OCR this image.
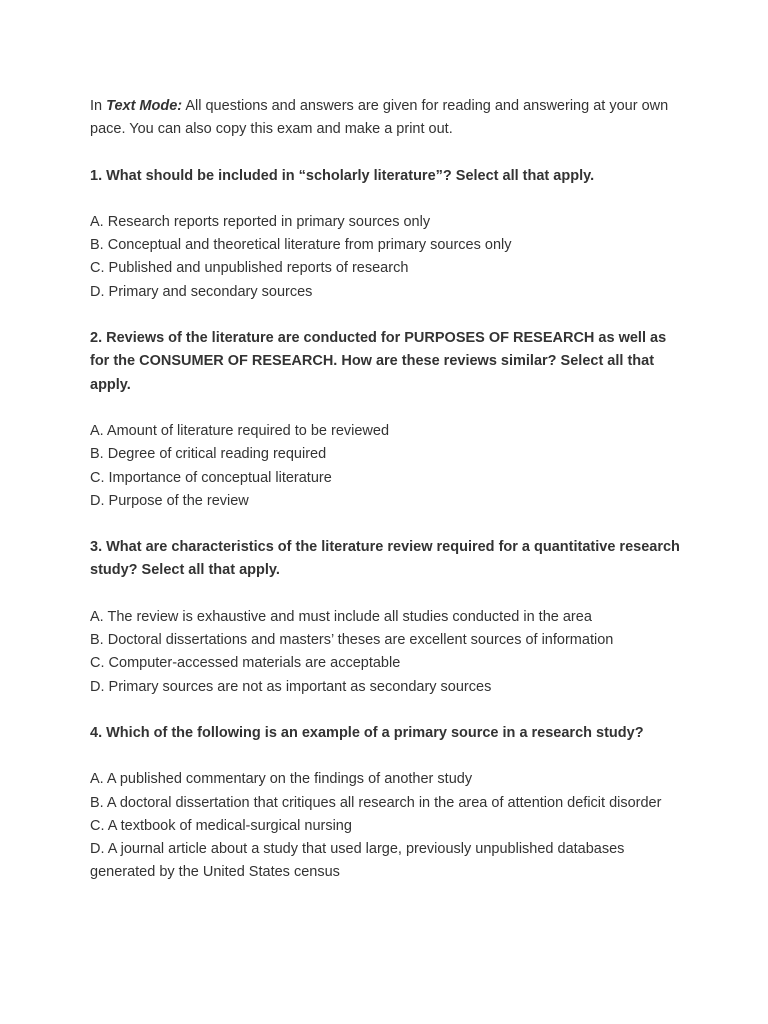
In Text Mode: All questions and answers are given for reading and answering at your own pace. You can also copy this exam and make a print out.

1. What should be included in “scholarly literature”? Select all that apply.

A. Research reports reported in primary sources only
B. Conceptual and theoretical literature from primary sources only
C. Published and unpublished reports of research
D. Primary and secondary sources

2. Reviews of the literature are conducted for PURPOSES OF RESEARCH as well as for the CONSUMER OF RESEARCH. How are these reviews similar? Select all that apply.

A. Amount of literature required to be reviewed
B. Degree of critical reading required
C. Importance of conceptual literature
D. Purpose of the review

3. What are characteristics of the literature review required for a quantitative research study? Select all that apply.

A. The review is exhaustive and must include all studies conducted in the area
B. Doctoral dissertations and masters’ theses are excellent sources of information
C. Computer-accessed materials are acceptable
D. Primary sources are not as important as secondary sources

4. Which of the following is an example of a primary source in a research study?

A. A published commentary on the findings of another study
B. A doctoral dissertation that critiques all research in the area of attention deficit disorder
C. A textbook of medical-surgical nursing
D. A journal article about a study that used large, previously unpublished databases generated by the United States census
